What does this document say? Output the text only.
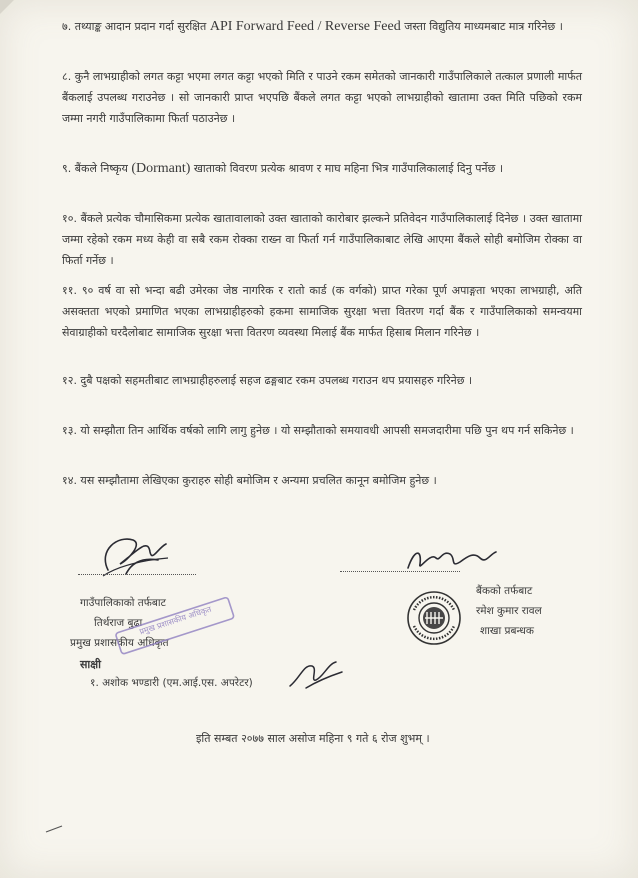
७. तथ्याङ्क आदान प्रदान गर्दा सुरक्षित API Forward Feed / Reverse Feed जस्ता विद्युतिय माध्यमबाट मात्र गरिनेछ ।

८. कुनै लाभग्राहीको लगत कट्टा भएमा लगत कट्टा भएको मिति र पाउने रकम समेतको जानकारी गाउँपालिकाले तत्काल प्रणाली मार्फत बैंकलाई उपलब्ध गराउनेछ । सो जानकारी प्राप्त भएपछि बैंकले लगत कट्टा भएको लाभग्राहीको खातामा उक्त मिति पछिको रकम जम्मा नगरी गाउँपालिकामा फिर्ता पठाउनेछ ।

९. बैंकले निष्कृय (Dormant) खाताको विवरण प्रत्येक श्रावण र माघ महिना भित्र गाउँपालिकालाई दिनु पर्नेछ ।

१०. बैंकले प्रत्येक चौमासिकमा प्रत्येक खातावालाको उक्त खाताको कारोबार झल्कने प्रतिवेदन गाउँपालिकालाई दिनेछ । उक्त खातामा जम्मा रहेको रकम मध्य केही वा सबै रकम रोक्का राख्न वा फिर्ता गर्न गाउँपालिकाबाट लेखि आएमा बैंकले सोही बमोजिम रोक्का वा फिर्ता गर्नेछ ।

११. ९० वर्ष वा सो भन्दा बढी उमेरका जेष्ठ नागरिक र रातो कार्ड (क वर्गको) प्राप्त गरेका पूर्ण अपाङ्गता भएका लाभग्राही, अति असक्तता भएको प्रमाणित भएका लाभग्राहीहरुको हकमा सामाजिक सुरक्षा भत्ता वितरण गर्दा बैंक र गाउँपालिकाको समन्वयमा सेवाग्राहीको घरदैलोबाट सामाजिक सुरक्षा भत्ता वितरण व्यवस्था मिलाई बैंक मार्फत हिसाब मिलान गरिनेछ ।

१२. दुबै पक्षको सहमतीबाट लाभग्राहीहरुलाई सहज ढङ्गबाट रकम उपलब्ध गराउन थप प्रयासहरु गरिनेछ ।

१३. यो सम्झौता तिन आर्थिक वर्षको लागि लागु हुनेछ । यो सम्झौताको समयावधी आपसी समजदारीमा पछि पुन थप गर्न सकिनेछ ।

१४. यस सम्झौतामा लेखिएका कुराहरु सोही बमोजिम र अन्यमा प्रचलित कानून बमोजिम हुनेछ ।

गाउँपालिकाको तर्फबाट
तिर्थराज बुढा
प्रमुख प्रशासकीय अधिकृत
प्रमुख प्रशासकीय अधिकृत
साक्षी
१. अशोक भण्डारी (एम.आई.एस. अपरेटर)
बैंकको तर्फबाट
रमेश कुमार रावल
शाखा प्रबन्धक
इति सम्बत २०७७ साल असोज महिना ९ गते ६ रोज शुभम् ।
